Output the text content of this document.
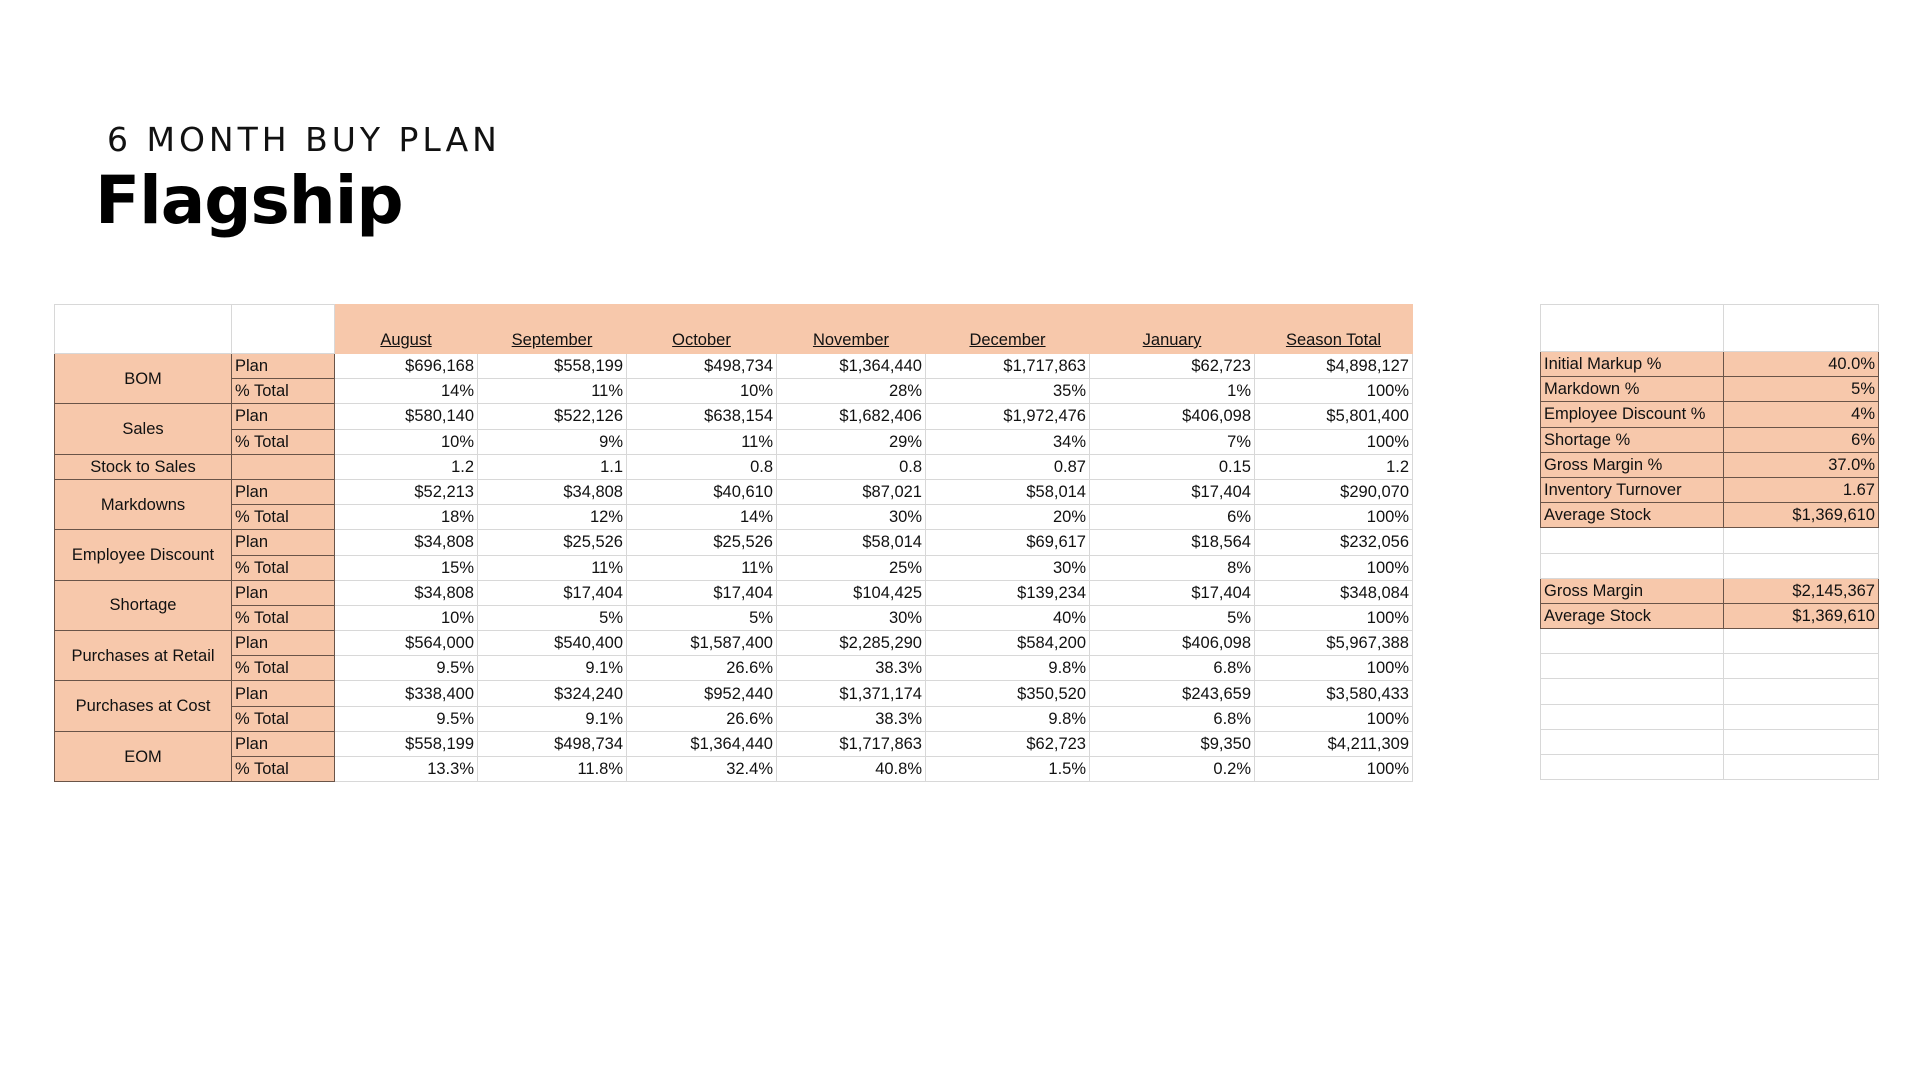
6 MONTH BUY PLAN
Flagship
		August	September	October	November	December	January	Season Total
BOM	Plan	$696,168	$558,199	$498,734	$1,364,440	$1,717,863	$62,723	$4,898,127
	% Total	14%	11%	10%	28%	35%	1%	100%
Sales	Plan	$580,140	$522,126	$638,154	$1,682,406	$1,972,476	$406,098	$5,801,400
	% Total	10%	9%	11%	29%	34%	7%	100%
Stock to Sales		1.2	1.1	0.8	0.8	0.87	0.15	1.2
Markdowns	Plan	$52,213	$34,808	$40,610	$87,021	$58,014	$17,404	$290,070
	% Total	18%	12%	14%	30%	20%	6%	100%
Employee Discount	Plan	$34,808	$25,526	$25,526	$58,014	$69,617	$18,564	$232,056
	% Total	15%	11%	11%	25%	30%	8%	100%
Shortage	Plan	$34,808	$17,404	$17,404	$104,425	$139,234	$17,404	$348,084
	% Total	10%	5%	5%	30%	40%	5%	100%
Purchases at Retail	Plan	$564,000	$540,400	$1,587,400	$2,285,290	$584,200	$406,098	$5,967,388
	% Total	9.5%	9.1%	26.6%	38.3%	9.8%	6.8%	100%
Purchases at Cost	Plan	$338,400	$324,240	$952,440	$1,371,174	$350,520	$243,659	$3,580,433
	% Total	9.5%	9.1%	26.6%	38.3%	9.8%	6.8%	100%
EOM	Plan	$558,199	$498,734	$1,364,440	$1,717,863	$62,723	$9,350	$4,211,309
	% Total	13.3%	11.8%	32.4%	40.8%	1.5%	0.2%	100%

Initial Markup %	40.0%
Markdown %	5%
Employee Discount %	4%
Shortage %	6%
Gross Margin %	37.0%
Inventory Turnover	1.67
Average Stock	$1,369,610

Gross Margin	$2,145,367
Average Stock	$1,369,610
